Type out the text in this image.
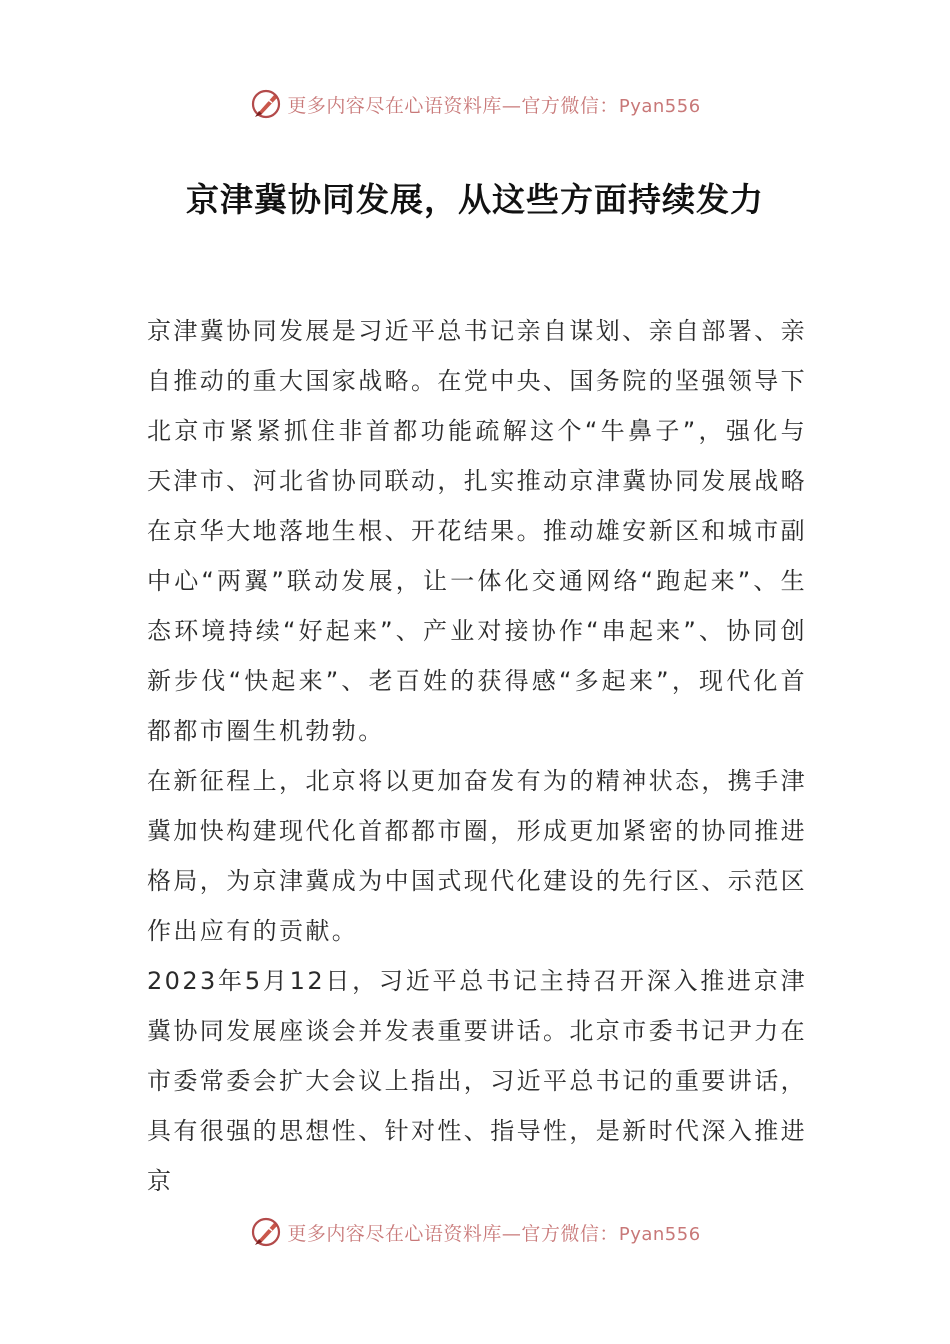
更多内容尽在心语资料库—官方微信：Pyan556
京津冀协同发展，从这些方面持续发力

京津冀协同发展是习近平总书记亲自谋划、亲自部署、亲自推动的重大国家战略。在党中央、国务院的坚强领导下北京市紧紧抓住非首都功能疏解这个“牛鼻子”，强化与天津市、河北省协同联动，扎实推动京津冀协同发展战略在京华大地落地生根、开花结果。推动雄安新区和城市副中心“两翼”联动发展，让一体化交通网络“跑起来”、生态环境持续“好起来”、产业对接协作“串起来”、协同创新步伐“快起来”、老百姓的获得感“多起来”，现代化首都都市圈生机勃勃。

在新征程上，北京将以更加奋发有为的精神状态，携手津冀加快构建现代化首都都市圈，形成更加紧密的协同推进格局，为京津冀成为中国式现代化建设的先行区、示范区作出应有的贡献。

2023年5月12日，习近平总书记主持召开深入推进京津冀协同发展座谈会并发表重要讲话。北京市委书记尹力在市委常委会扩大会议上指出，习近平总书记的重要讲话，具有很强的思想性、针对性、指导性，是新时代深入推进京

更多内容尽在心语资料库—官方微信：Pyan556
